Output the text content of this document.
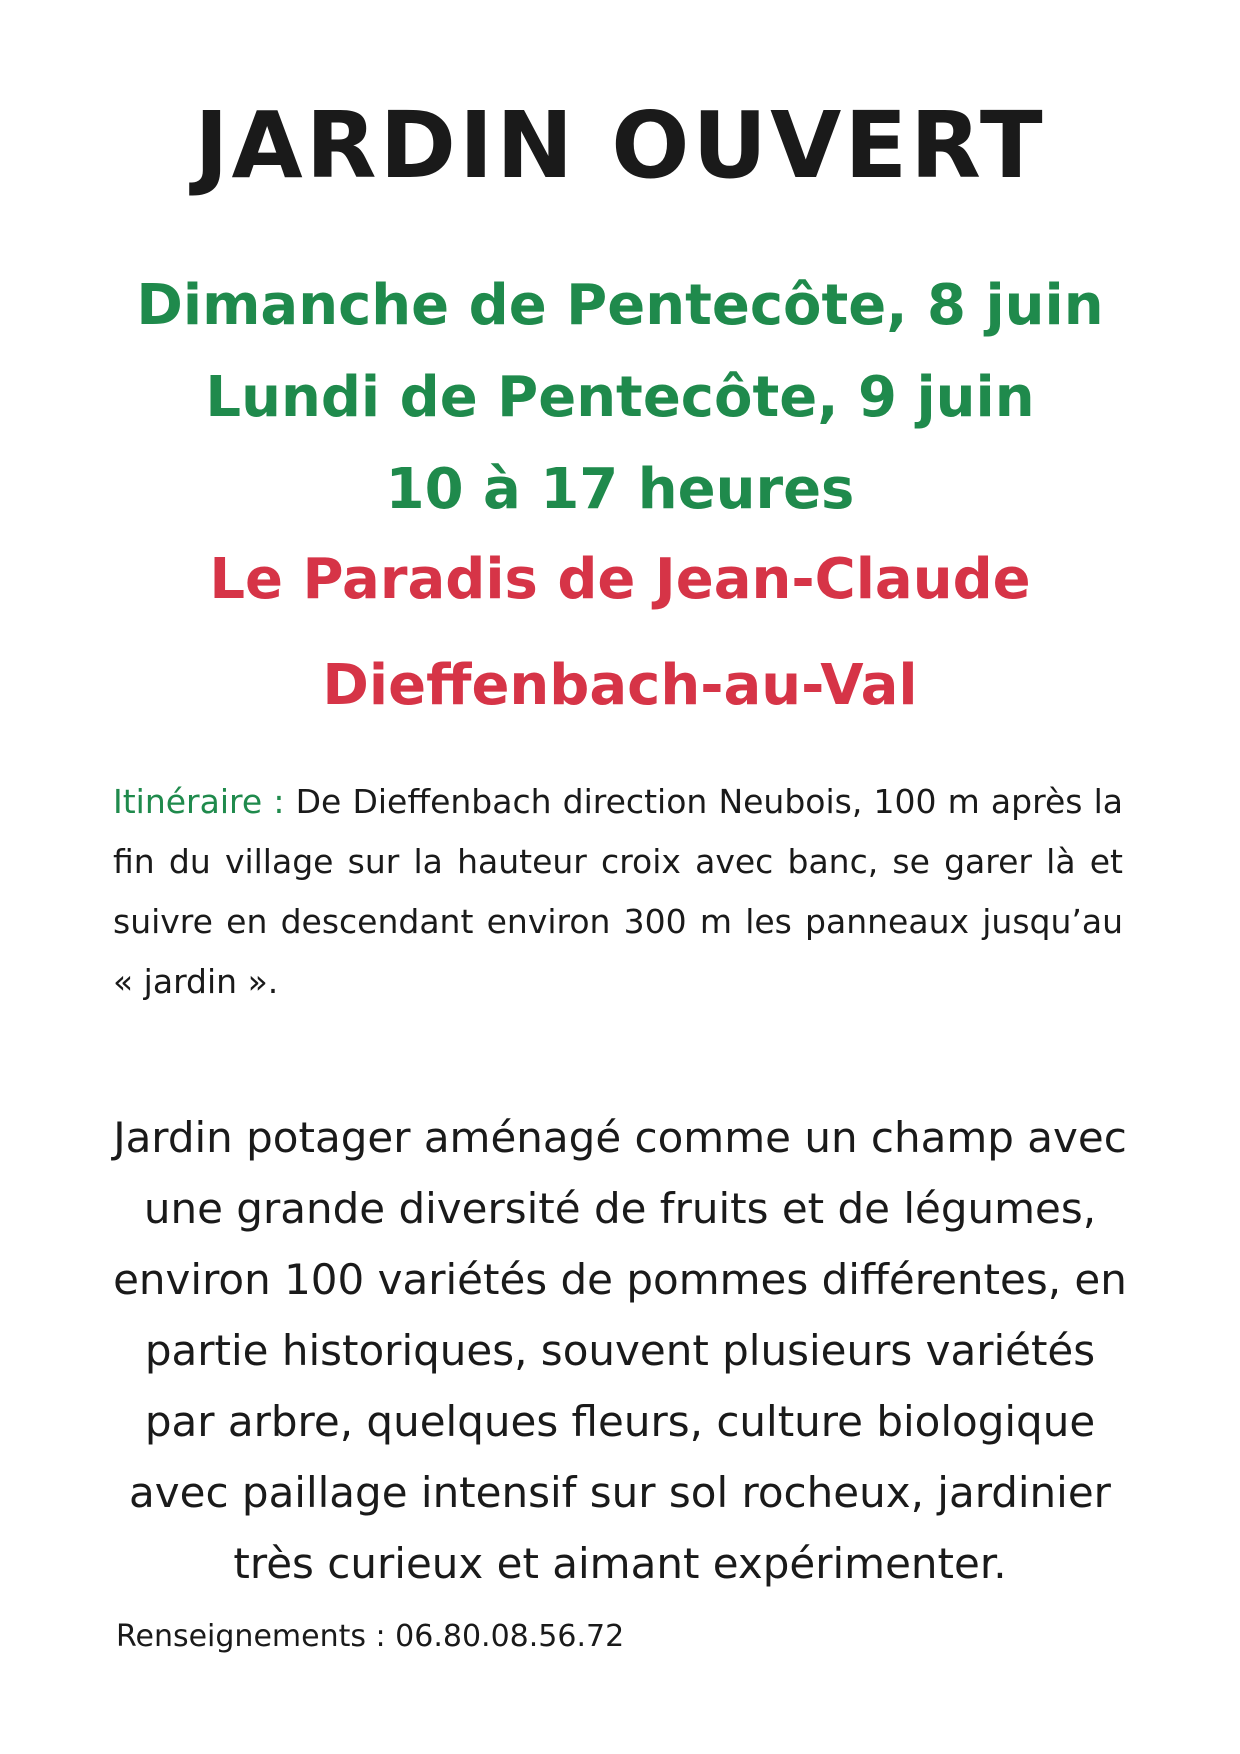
JARDIN OUVERT
Dimanche de Pentecôte, 8 juin
Lundi de Pentecôte, 9 juin
10 à 17 heures
Le Paradis de Jean-Claude
Dieffenbach-au-Val
Itinéraire : De Dieffenbach direction Neubois, 100 m après la fin du village sur la hauteur croix avec banc, se garer là et suivre en descendant environ 300 m les panneaux jusqu’au « jardin ».
Jardin potager aménagé comme un champ avec une grande diversité de fruits et de légumes, environ 100 variétés de pommes différentes, en partie historiques, souvent plusieurs variétés par arbre, quelques fleurs, culture biologique avec paillage intensif sur sol rocheux, jardinier très curieux et aimant expérimenter.
Renseignements : 06.80.08.56.72
